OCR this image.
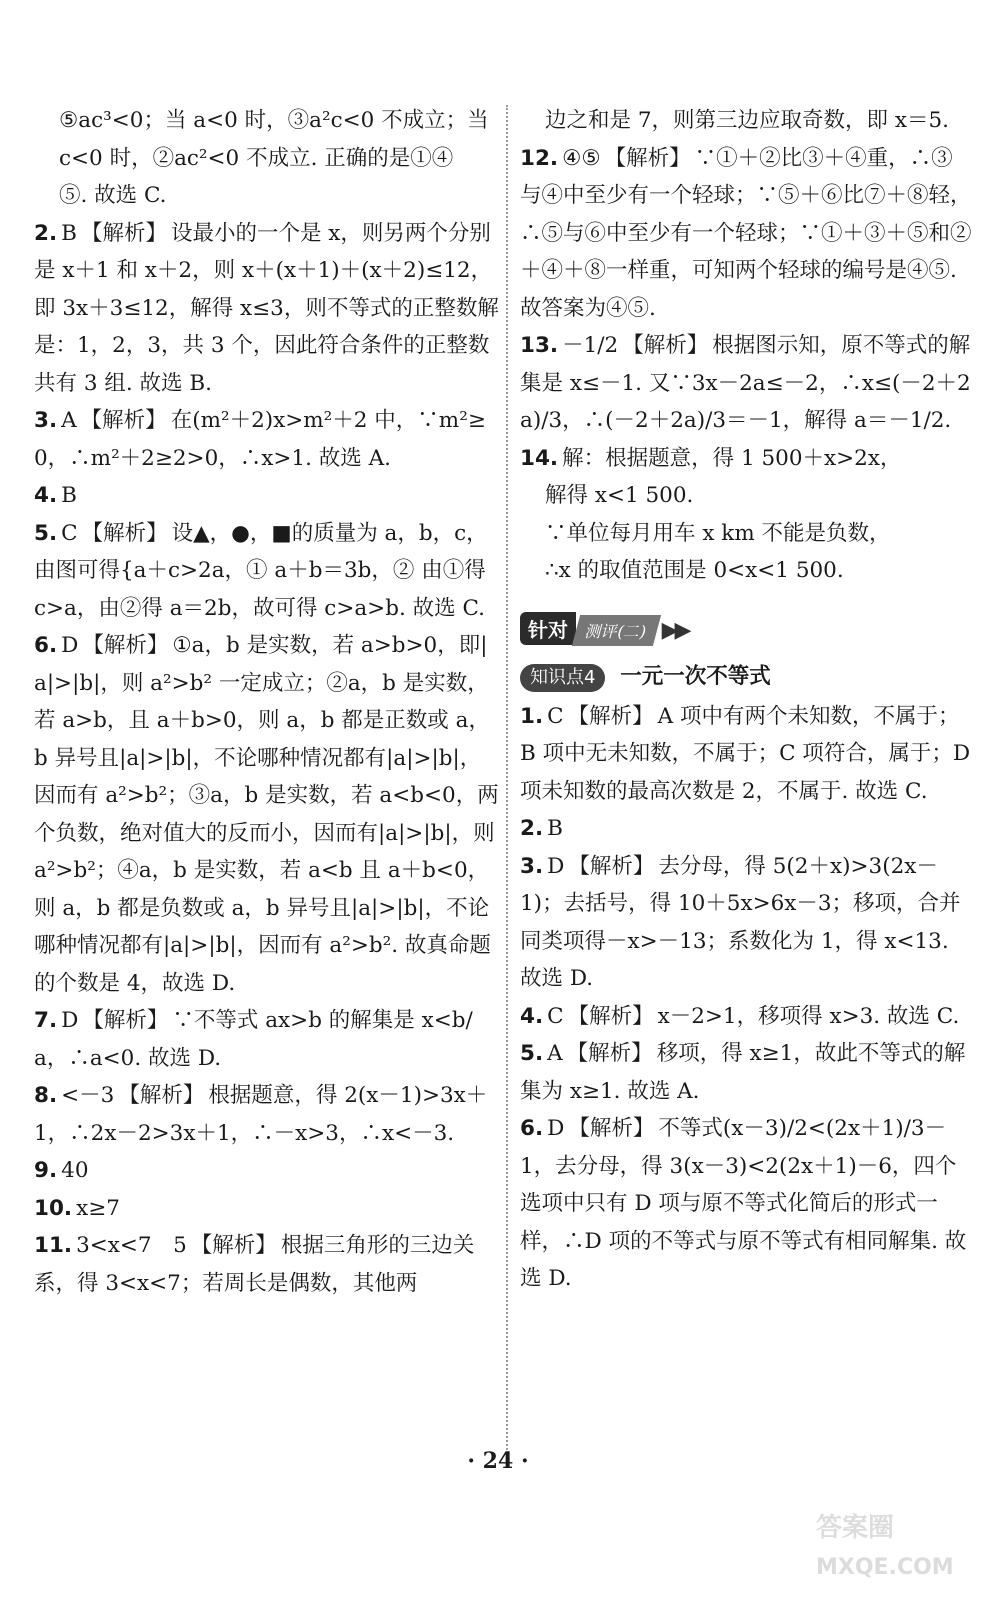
⑤ac³<0；当 a<0 时，③a²c<0 不成立；当

c<0 时，②ac²<0 不成立. 正确的是①④

⑤. 故选 C.

2. B 【解析】 设最小的一个是 x，则另两个分别是 x＋1 和 x＋2，则 x＋(x＋1)＋(x＋2)≤12，即 3x＋3≤12，解得 x≤3，则不等式的正整数解是：1，2，3，共 3 个，因此符合条件的正整数共有 3 组. 故选 B.

3. A 【解析】 在(m²＋2)x>m²＋2 中，∵m²≥0，∴m²＋2≥2>0，∴x>1. 故选 A.

4. B

5. C 【解析】 设▲，●，■的质量为 a，b，c，由图可得{a＋c>2a，① a＋b＝3b，② 由①得 c>a，由②得 a＝2b，故可得 c>a>b. 故选 C.

6. D 【解析】 ①a，b 是实数，若 a>b>0，即|a|>|b|，则 a²>b² 一定成立；②a，b 是实数，若 a>b，且 a＋b>0，则 a，b 都是正数或 a，b 异号且|a|>|b|，不论哪种情况都有|a|>|b|，因而有 a²>b²；③a，b 是实数，若 a<b<0，两个负数，绝对值大的反而小，因而有|a|>|b|，则 a²>b²；④a，b 是实数，若 a<b 且 a＋b<0，则 a，b 都是负数或 a，b 异号且|a|>|b|，不论哪种情况都有|a|>|b|，因而有 a²>b². 故真命题的个数是 4，故选 D.

7. D 【解析】 ∵不等式 ax>b 的解集是 x<b/a，∴a<0. 故选 D.

8. <－3 【解析】 根据题意，得 2(x－1)>3x＋1，∴2x－2>3x＋1，∴－x>3，∴x<－3.

9. 40

10. x≥7

11. 3<x<7　5 【解析】 根据三角形的三边关系，得 3<x<7；若周长是偶数，其他两

边之和是 7，则第三边应取奇数，即 x＝5.

12. ④⑤ 【解析】 ∵①＋②比③＋④重，∴③与④中至少有一个轻球；∵⑤＋⑥比⑦＋⑧轻，∴⑤与⑥中至少有一个轻球；∵①＋③＋⑤和②＋④＋⑧一样重，可知两个轻球的编号是④⑤. 故答案为④⑤.

13. －1/2 【解析】 根据图示知，原不等式的解集是 x≤－1. 又∵3x－2a≤－2，∴x≤(－2＋2a)/3，∴(－2＋2a)/3＝－1，解得 a＝－1/2.

14. 解：根据题意，得 1 500＋x>2x，

解得 x<1 500.
∵单位每月用车 x km 不能是负数，
∴x 的取值范围是 0<x<1 500.
针对 测评(二) ▶▶
知识点4 一元一次不等式

1. C 【解析】 A 项中有两个未知数，不属于；B 项中无未知数，不属于；C 项符合，属于；D 项未知数的最高次数是 2，不属于. 故选 C.

2. B

3. D 【解析】 去分母，得 5(2＋x)>3(2x－1)；去括号，得 10＋5x>6x－3；移项，合并同类项得－x>－13；系数化为 1，得 x<13. 故选 D.

4. C 【解析】 x－2>1，移项得 x>3. 故选 C.

5. A 【解析】 移项，得 x≥1，故此不等式的解集为 x≥1. 故选 A.

6. D 【解析】 不等式(x－3)/2<(2x＋1)/3－1，去分母，得 3(x－3)<2(2x＋1)－6，四个选项中只有 D 项与原不等式化简后的形式一样，∴D 项的不等式与原不等式有相同解集. 故选 D.

· 24 ·
答案圈
MXQE.COM
